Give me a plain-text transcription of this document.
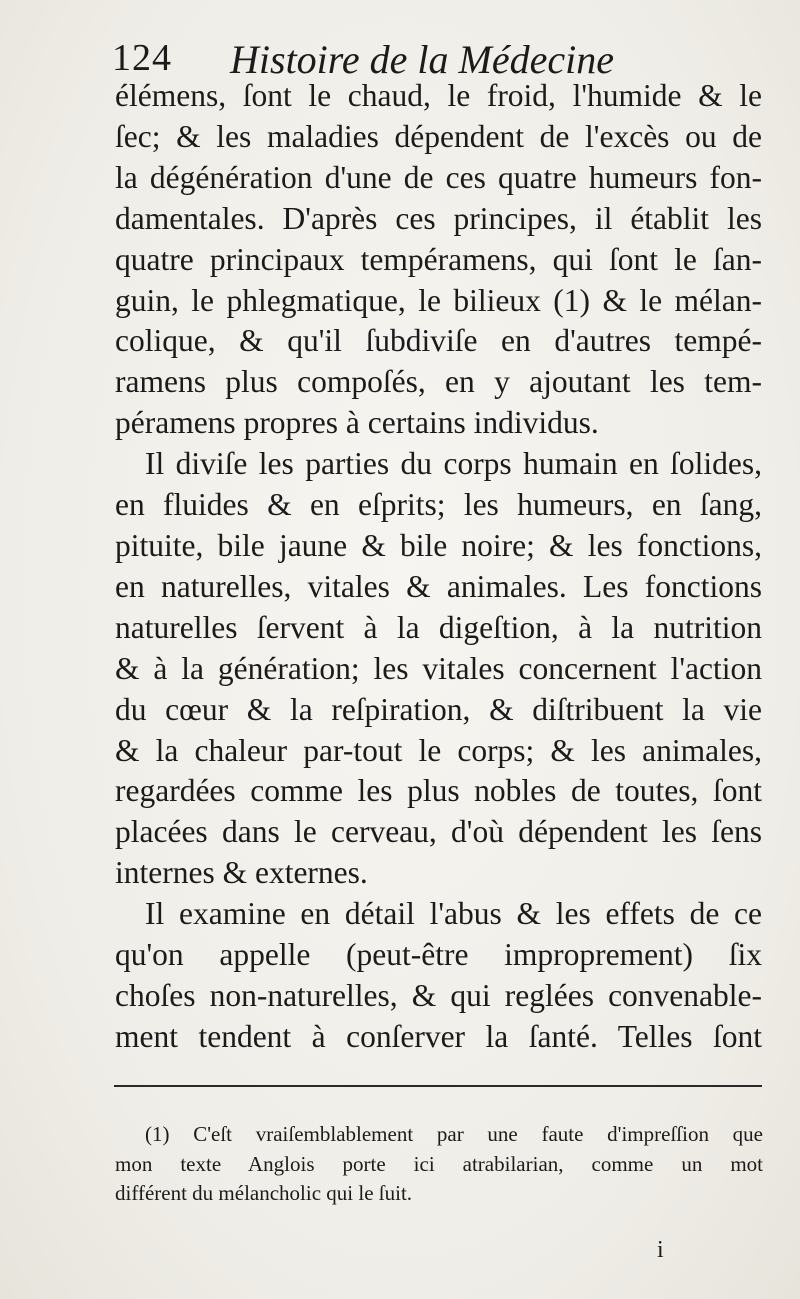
124 Histoire de la Médecine
élémens, ſont le chaud, le froid, l'humide & le
ſec; & les maladies dépendent de l'excès ou de
la dégénération d'une de ces quatre humeurs fon-
damentales. D'après ces principes, il établit les
quatre principaux tempéramens, qui ſont le ſan-
guin, le phlegmatique, le bilieux (1) & le mélan-
colique, & qu'il ſubdiviſe en d'autres tempé-
ramens plus compoſés, en y ajoutant les tem-
péramens propres à certains individus.
Il diviſe les parties du corps humain en ſolides,
en fluides & en eſprits; les humeurs, en ſang,
pituite, bile jaune & bile noire; & les fonctions,
en naturelles, vitales & animales. Les fonctions
naturelles ſervent à la digeſtion, à la nutrition
& à la génération; les vitales concernent l'action
du cœur & la reſpiration, & diſtribuent la vie
& la chaleur par-tout le corps; & les animales,
regardées comme les plus nobles de toutes, ſont
placées dans le cerveau, d'où dépendent les ſens
internes & externes.
Il examine en détail l'abus & les effets de ce
qu'on appelle (peut-être improprement) ſix
choſes non-naturelles, & qui reglées convenable-
ment tendent à conſerver la ſanté. Telles ſont
(1) C'eſt vraiſemblablement par une faute d'impreſſion que
mon texte Anglois porte ici atrabilarian, comme un mot
différent du mélancholic qui le ſuit.
i
